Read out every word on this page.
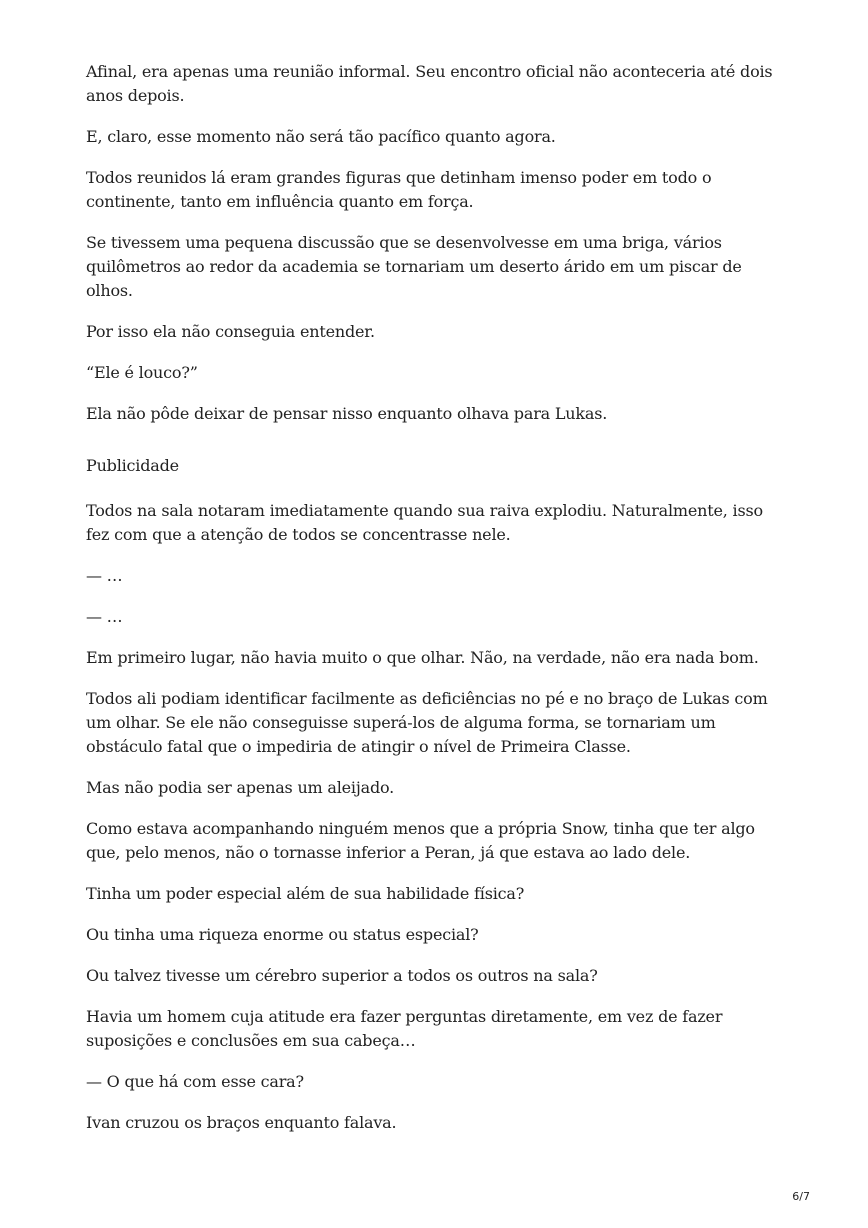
Afinal, era apenas uma reunião informal. Seu encontro oficial não aconteceria até dois anos depois.

E, claro, esse momento não será tão pacífico quanto agora.

Todos reunidos lá eram grandes figuras que detinham imenso poder em todo o continente, tanto em influência quanto em força.

Se tivessem uma pequena discussão que se desenvolvesse em uma briga, vários quilômetros ao redor da academia se tornariam um deserto árido em um piscar de olhos.

Por isso ela não conseguia entender.

“Ele é louco?”

Ela não pôde deixar de pensar nisso enquanto olhava para Lukas.

Publicidade

Todos na sala notaram imediatamente quando sua raiva explodiu. Naturalmente, isso fez com que a atenção de todos se concentrasse nele.

— …

— …

Em primeiro lugar, não havia muito o que olhar. Não, na verdade, não era nada bom.

Todos ali podiam identificar facilmente as deficiências no pé e no braço de Lukas com um olhar. Se ele não conseguisse superá-los de alguma forma, se tornariam um obstáculo fatal que o impediria de atingir o nível de Primeira Classe.

Mas não podia ser apenas um aleijado.

Como estava acompanhando ninguém menos que a própria Snow, tinha que ter algo que, pelo menos, não o tornasse inferior a Peran, já que estava ao lado dele.

Tinha um poder especial além de sua habilidade física?

Ou tinha uma riqueza enorme ou status especial?

Ou talvez tivesse um cérebro superior a todos os outros na sala?

Havia um homem cuja atitude era fazer perguntas diretamente, em vez de fazer suposições e conclusões em sua cabeça…

— O que há com esse cara?

Ivan cruzou os braços enquanto falava.

6/7
